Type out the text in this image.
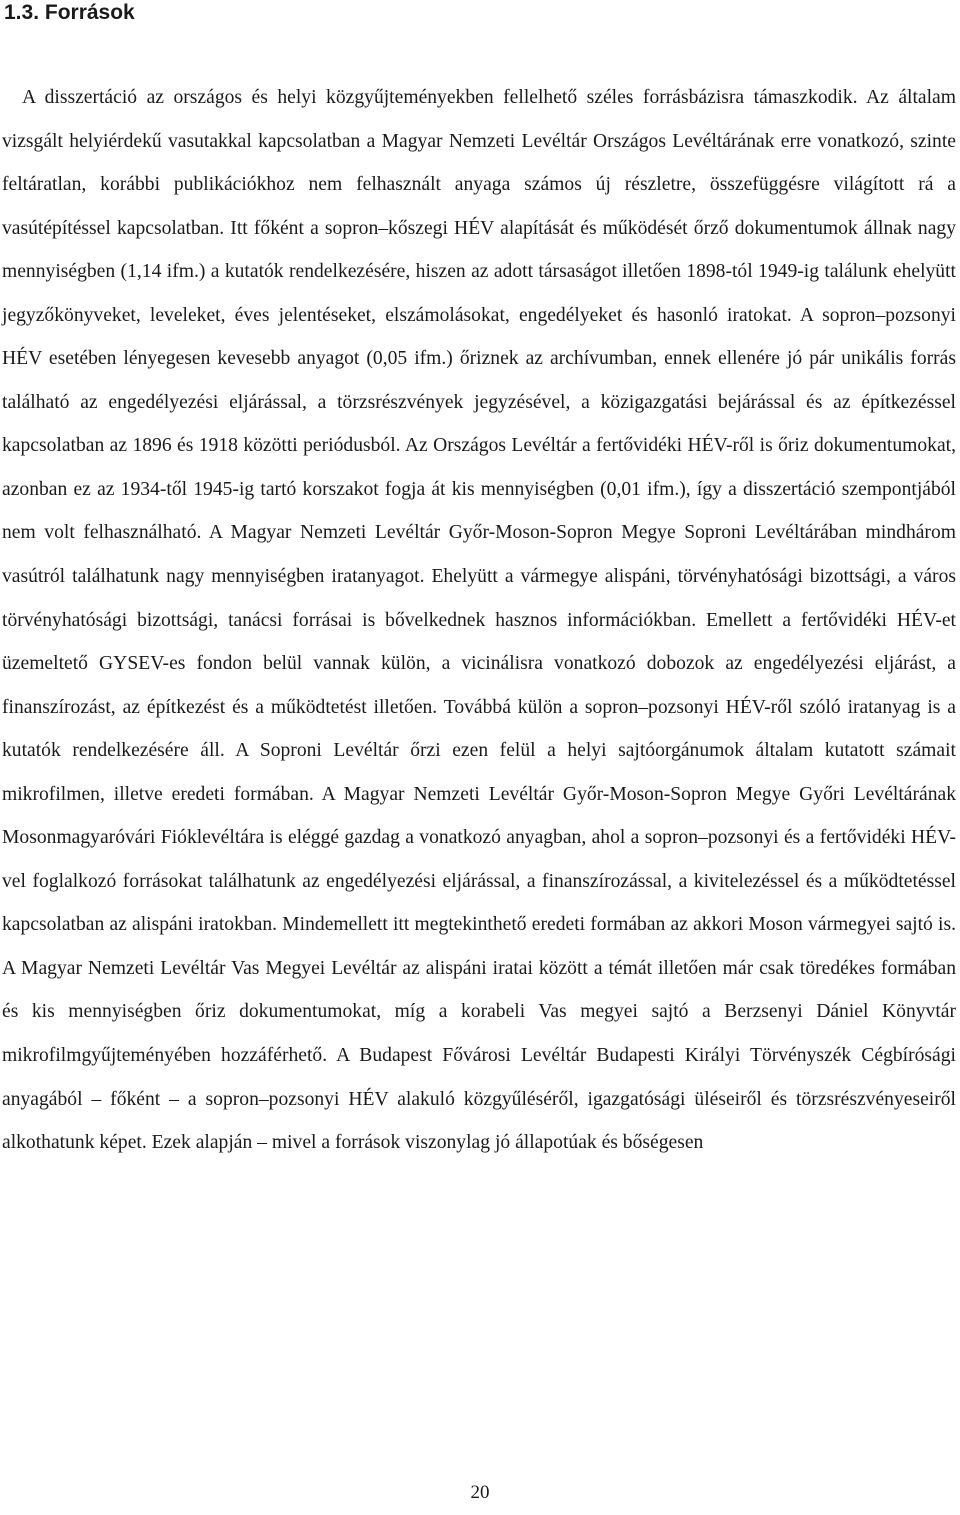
1.3. Források

A disszertáció az országos és helyi közgyűjteményekben fellelhető széles forrásbázisra támaszkodik. Az általam vizsgált helyiérdekű vasutakkal kapcsolatban a Magyar Nemzeti Levéltár Országos Levéltárának erre vonatkozó, szinte feltáratlan, korábbi publikációkhoz nem felhasznált anyaga számos új részletre, összefüggésre világított rá a vasútépítéssel kapcsolatban. Itt főként a sopron–kőszegi HÉV alapítását és működését őrző dokumentumok állnak nagy mennyiségben (1,14 ifm.) a kutatók rendelkezésére, hiszen az adott társaságot illetően 1898-tól 1949-ig találunk ehelyütt jegyzőkönyveket, leveleket, éves jelentéseket, elszámolásokat, engedélyeket és hasonló iratokat. A sopron–pozsonyi HÉV esetében lényegesen kevesebb anyagot (0,05 ifm.) őriznek az archívumban, ennek ellenére jó pár unikális forrás található az engedélyezési eljárással, a törzsrészvények jegyzésével, a közigazgatási bejárással és az építkezéssel kapcsolatban az 1896 és 1918 közötti periódusból. Az Országos Levéltár a fertővidéki HÉV-ről is őriz dokumentumokat, azonban ez az 1934-től 1945-ig tartó korszakot fogja át kis mennyiségben (0,01 ifm.), így a disszertáció szempontjából nem volt felhasználható. A Magyar Nemzeti Levéltár Győr-Moson-Sopron Megye Soproni Levéltárában mindhárom vasútról találhatunk nagy mennyiségben iratanyagot. Ehelyütt a vármegye alispáni, törvényhatósági bizottsági, a város törvényhatósági bizottsági, tanácsi forrásai is bővelkednek hasznos információkban. Emellett a fertővidéki HÉV-et üzemeltető GYSEV-es fondon belül vannak külön, a vicinálisra vonatkozó dobozok az engedélyezési eljárást, a finanszírozást, az építkezést és a működtetést illetően. Továbbá külön a sopron–pozsonyi HÉV-ről szóló iratanyag is a kutatók rendelkezésére áll. A Soproni Levéltár őrzi ezen felül a helyi sajtóorgánumok általam kutatott számait mikrofilmen, illetve eredeti formában. A Magyar Nemzeti Levéltár Győr-Moson-Sopron Megye Győri Levéltárának Mosonmagyaróvári Fióklevéltára is eléggé gazdag a vonatkozó anyagban, ahol a sopron–pozsonyi és a fertővidéki HÉV-vel foglalkozó forrásokat találhatunk az engedélyezési eljárással, a finanszírozással, a kivitelezéssel és a működtetéssel kapcsolatban az alispáni iratokban. Mindemellett itt megtekinthető eredeti formában az akkori Moson vármegyei sajtó is. A Magyar Nemzeti Levéltár Vas Megyei Levéltár az alispáni iratai között a témát illetően már csak töredékes formában és kis mennyiségben őriz dokumentumokat, míg a korabeli Vas megyei sajtó a Berzsenyi Dániel Könyvtár mikrofilmgyűjteményében hozzáférhető. A Budapest Fővárosi Levéltár Budapesti Királyi Törvényszék Cégbírósági anyagából – főként – a sopron–pozsonyi HÉV alakuló közgyűléséről, igazgatósági üléseiről és törzsrészvényeseiről alkothatunk képet. Ezek alapján – mivel a források viszonylag jó állapotúak és bőségesen

20
